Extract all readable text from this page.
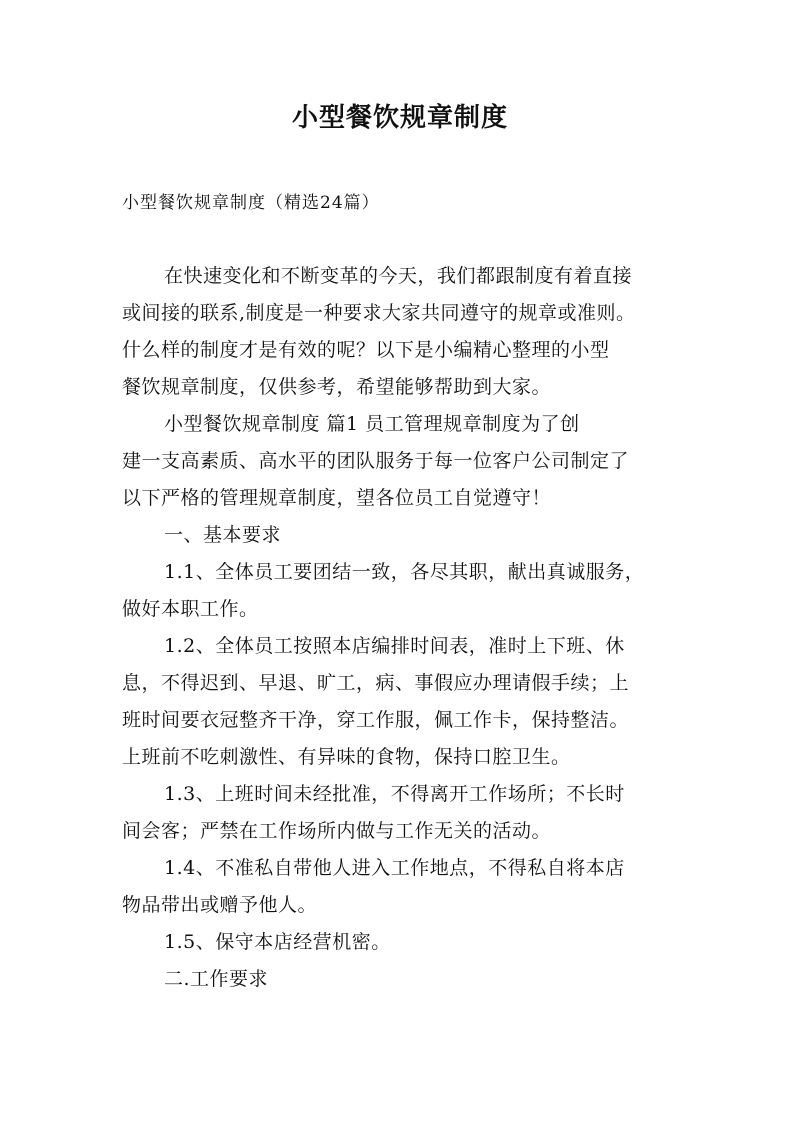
小型餐饮规章制度
小型餐饮规章制度（精选24篇）
在快速变化和不断变革的今天，我们都跟制度有着直接
或间接的联系,制度是一种要求大家共同遵守的规章或准则。
什么样的制度才是有效的呢？以下是小编精心整理的小型
餐饮规章制度，仅供参考，希望能够帮助到大家。
小型餐饮规章制度 篇1 员工管理规章制度为了创
建一支高素质、高水平的团队服务于每一位客户公司制定了
以下严格的管理规章制度，望各位员工自觉遵守！
一、基本要求
1.1、全体员工要团结一致，各尽其职，献出真诚服务，
做好本职工作。
1.2、全体员工按照本店编排时间表，准时上下班、休
息，不得迟到、早退、旷工，病、事假应办理请假手续；上
班时间要衣冠整齐干净，穿工作服，佩工作卡，保持整洁。
上班前不吃刺激性、有异味的食物，保持口腔卫生。
1.3、上班时间未经批准，不得离开工作场所；不长时
间会客；严禁在工作场所内做与工作无关的活动。
1.4、不准私自带他人进入工作地点，不得私自将本店
物品带出或赠予他人。
1.5、保守本店经营机密。
二.工作要求
